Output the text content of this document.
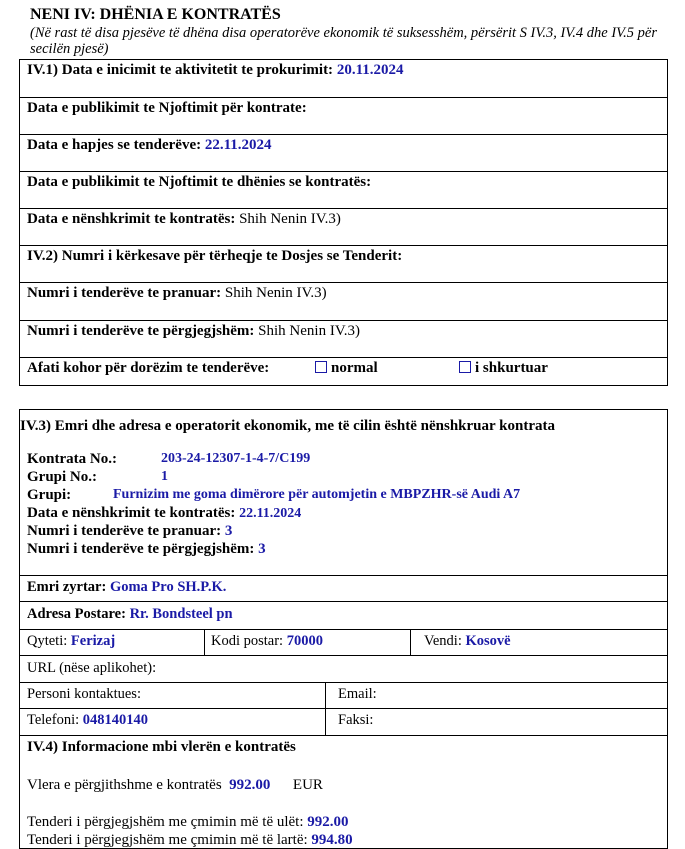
NENI IV: DHËNIA E KONTRATËS
(Në rast të disa pjesëve të dhëna disa operatorëve ekonomik të suksesshëm, përsërit S IV.3, IV.4 dhe IV.5 për secilën pjesë)
IV.1) Data e inicimit te aktivitetit te prokurimit: 20.11.2024
Data e publikimit te Njoftimit për kontrate:
Data e hapjes se tenderëve: 22.11.2024
Data e publikimit te Njoftimit te dhënies se kontratës:
Data e nënshkrimit te kontratës: Shih Nenin IV.3)
IV.2) Numri i kërkesave për tërheqje te Dosjes se Tenderit:
Numri i tenderëve te pranuar: Shih Nenin IV.3)
Numri i tenderëve te përgjegjshëm: Shih Nenin IV.3)
Afati kohor për dorëzim te tenderëve:	normal	i shkurtuar
IV.3) Emri dhe adresa e operatorit ekonomik, me të cilin është nënshkruar kontrata
Kontrata No.:	203-24-12307-1-4-7/C199
Grupi No.:	1
Grupi:	Furnizim me goma dimërore për automjetin e MBPZHR-së Audi A7
Data e nënshkrimit te kontratës: 22.11.2024
Numri i tenderëve te pranuar: 3
Numri i tenderëve te përgjegjshëm: 3
Emri zyrtar: Goma Pro SH.P.K.
Adresa Postare: Rr. Bondsteel pn
Qyteti: Ferizaj	Kodi postar: 70000	Vendi: Kosovë
URL (nëse aplikohet):
Personi kontaktues:	Email:
Telefoni: 048140140	Faksi:
IV.4) Informacione mbi vlerën e kontratës
Vlera e përgjithshme e kontratës 992.00 EUR
Tenderi i përgjegjshëm me çmimin më të ulët: 992.00
Tenderi i përgjegjshëm me çmimin më të lartë: 994.80
